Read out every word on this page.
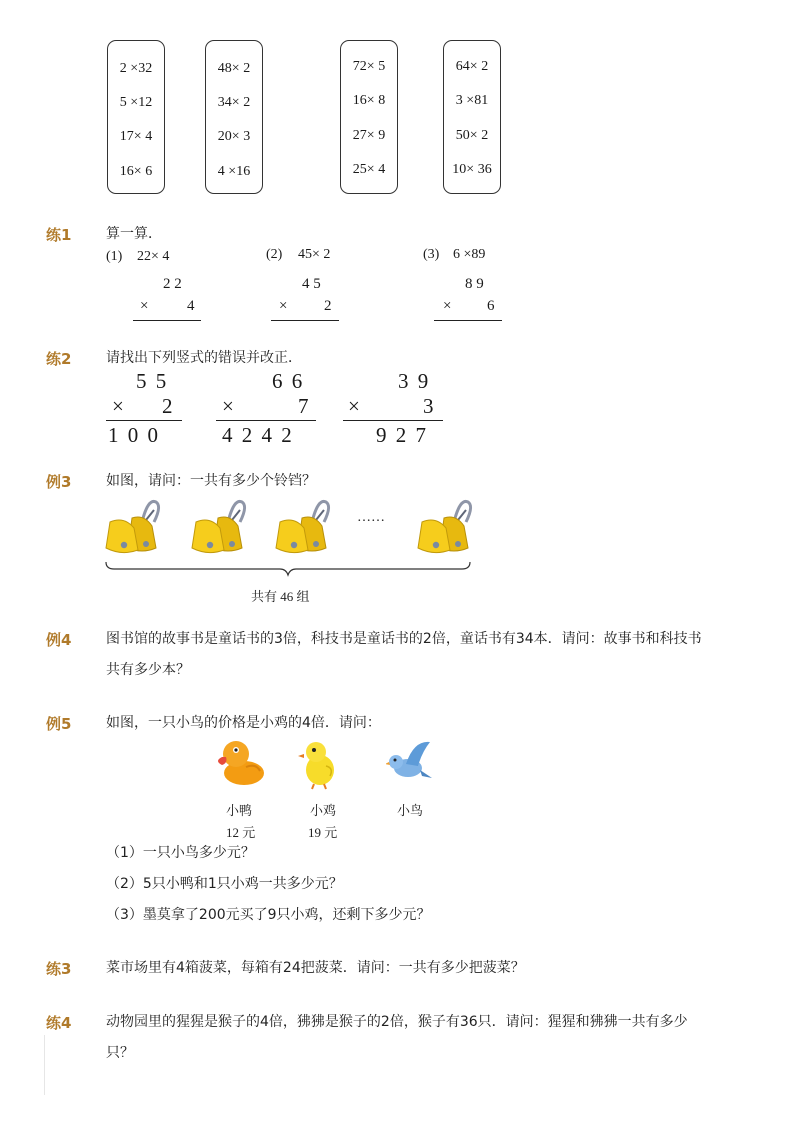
2 ×32
5 ×12
17× 4
16× 6
48× 2
34× 2
20× 3
4 ×16
72× 5
16× 8
27× 9
25× 4
64× 2
3 ×81
50× 2
10× 36
练1 算一算．
(1) 22× 4
2 2
×	4
(2) 45× 2
4 5
× 2
(3) 6 ×89
8 9
× 6
练2 请找出下列竖式的错误并改正．
5 5
× 2
1 0 0
6 6
×	7
4 2 4 2
3 9
×	3
9 2 7
例3 如图，请问：一共有多少个铃铛？
……
共有 46 组
例4 图书馆的故事书是童话书的3倍，科技书是童话书的2倍，童话书有34本．请问：故事书和科技书
共有多少本？
例5 如图，一只小鸟的价格是小鸡的4倍．请问：
小鸭
12 元
小鸡
19 元
小鸟
（1）一只小鸟多少元？
（2）5只小鸭和1只小鸡一共多少元？
（3）墨莫拿了200元买了9只小鸡，还剩下多少元？
练3 菜市场里有4箱菠菜，每箱有24把菠菜．请问：一共有多少把菠菜？
练4 动物园里的猩猩是猴子的4倍，狒狒是猴子的2倍，猴子有36只．请问：猩猩和狒狒一共有多少
只？
